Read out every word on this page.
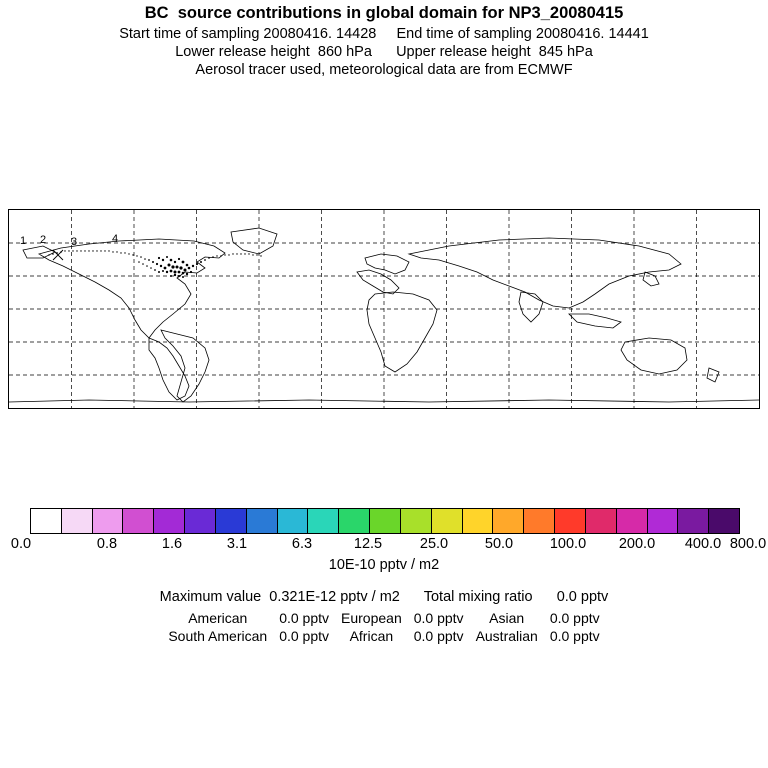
BC  source contributions in global domain for NP3_20080415
Start time of sampling 20080416. 14428     End time of sampling 20080416. 14441
Lower release height  860 hPa      Upper release height  845 hPa
Aerosol tracer used, meteorological data are from ECMWF
1 2 3	4
0.0	0.8	1.6	3.1	6.3	12.5	25.0	50.0	100.0 200.0 400.0 800.0
10E-10 pptv / m2
Maximum value  0.321E-12 pptv / m2      Total mixing ratio      0.0 pptv
American	0.0 pptv	European	0.0 pptv	Asian	0.0 pptv
South American	0.0 pptv	African	0.0 pptv	Australian	0.0 pptv
